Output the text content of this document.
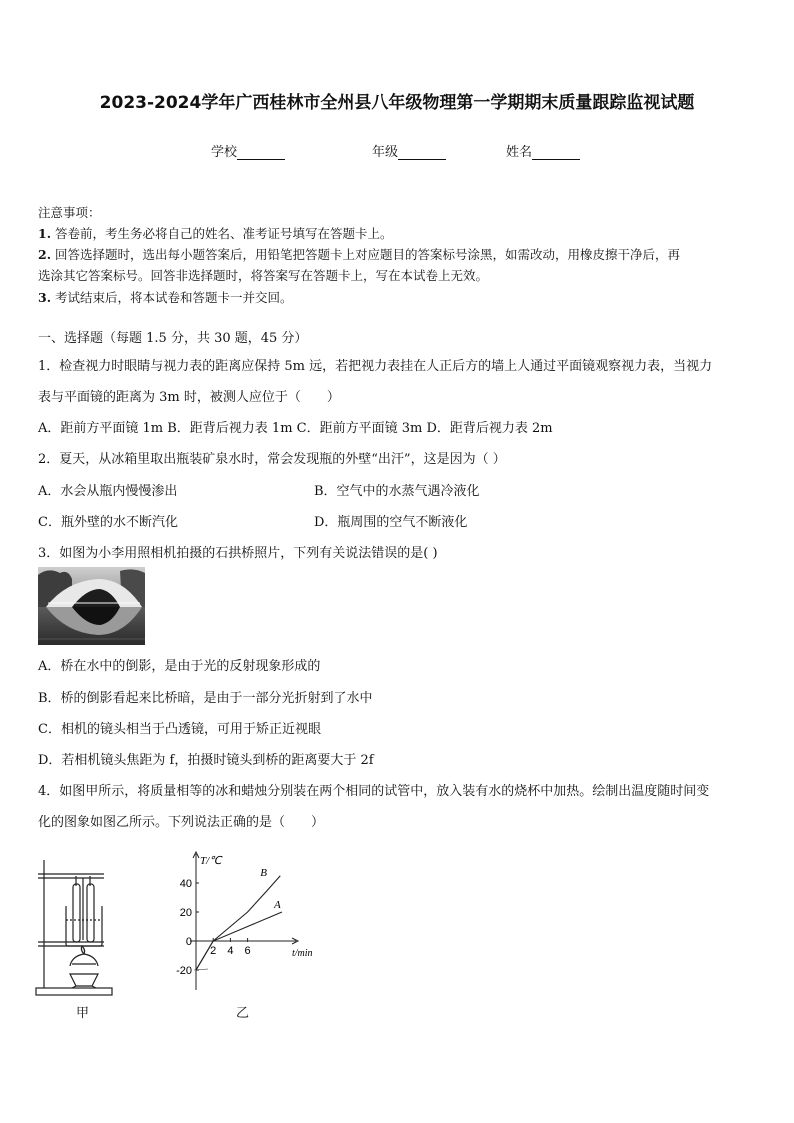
2023-2024学年广西桂林市全州县八年级物理第一学期期末质量跟踪监视试题
学校	年级	姓名
注意事项：
1. 答卷前，考生务必将自己的姓名、准考证号填写在答题卡上。
2. 回答选择题时，选出每小题答案后，用铅笔把答题卡上对应题目的答案标号涂黑，如需改动，用橡皮擦干净后，再
选涂其它答案标号。回答非选择题时，将答案写在答题卡上，写在本试卷上无效。
3. 考试结束后，将本试卷和答题卡一并交回。
一、选择题（每题 1.5 分，共 30 题，45 分）
1．检查视力时眼睛与视力表的距离应保持 5m 远，若把视力表挂在人正后方的墙上人通过平面镜观察视力表，当视力
表与平面镜的距离为 3m 时，被测人应位于（　　）
A．距前方平面镜 1m B．距背后视力表 1m C．距前方平面镜 3m D．距背后视力表 2m
2．夏天，从冰箱里取出瓶装矿泉水时，常会发现瓶的外壁“出汗”，这是因为（ ）
A．水会从瓶内慢慢渗出	B．空气中的水蒸气遇冷液化
C．瓶外壁的水不断汽化	D．瓶周围的空气不断液化
3．如图为小李用照相机拍摄的石拱桥照片，下列有关说法错误的是( )
A．桥在水中的倒影，是由于光的反射现象形成的
B．桥的倒影看起来比桥暗，是由于一部分光折射到了水中
C．相机的镜头相当于凸透镜，可用于矫正近视眼
D．若相机镜头焦距为 f，拍摄时镜头到桥的距离要大于 2f
4．如图甲所示，将质量相等的冰和蜡烛分别装在两个相同的试管中，放入装有水的烧杯中加热。绘制出温度随时间变
化的图象如图乙所示。下列说法正确的是（　　）
甲
T/℃
t/min
40
20
0
-20
2 4 6
B
A
乙
